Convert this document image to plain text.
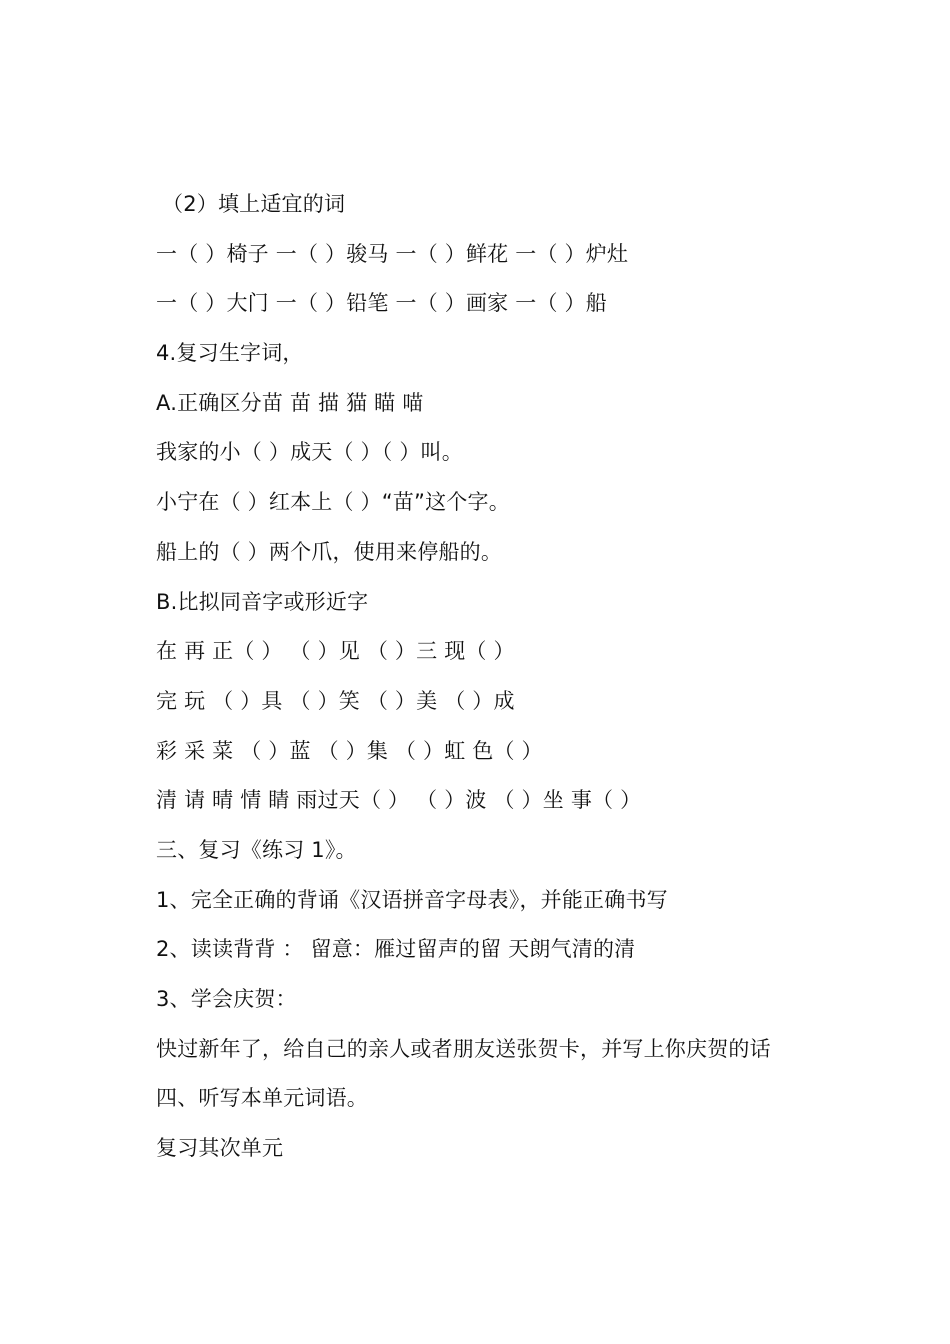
（2）填上适宜的词
一（ ）椅子 一（ ）骏马 一（ ）鲜花 一（ ）炉灶
一（ ）大门 一（ ）铅笔 一（ ）画家 一（ ）船
4.复习生字词，
A.正确区分苗 苗 描 猫 瞄 喵
我家的小（ ）成天（ ）（ ）叫。
小宁在（ ）红本上（ ）“苗”这个字。
船上的（ ）两个爪，使用来停船的。
B.比拟同音字或形近字
在 再 正（ ） （ ）见 （ ）三 现（ ）
完 玩 （ ）具 （ ）笑 （ ）美 （ ）成
彩 采 菜 （ ）蓝 （ ）集 （ ）虹 色（ ）
清 请 晴 情 睛 雨过天（ ） （ ）波 （ ）坐 事（ ）
三、复习《练习 1》。
1、完全正确的背诵《汉语拼音字母表》，并能正确书写
2、读读背背 ： 留意：雁过留声的留 天朗气清的清
3、学会庆贺：
快过新年了，给自己的亲人或者朋友送张贺卡，并写上你庆贺的话
四、听写本单元词语。
复习其次单元
